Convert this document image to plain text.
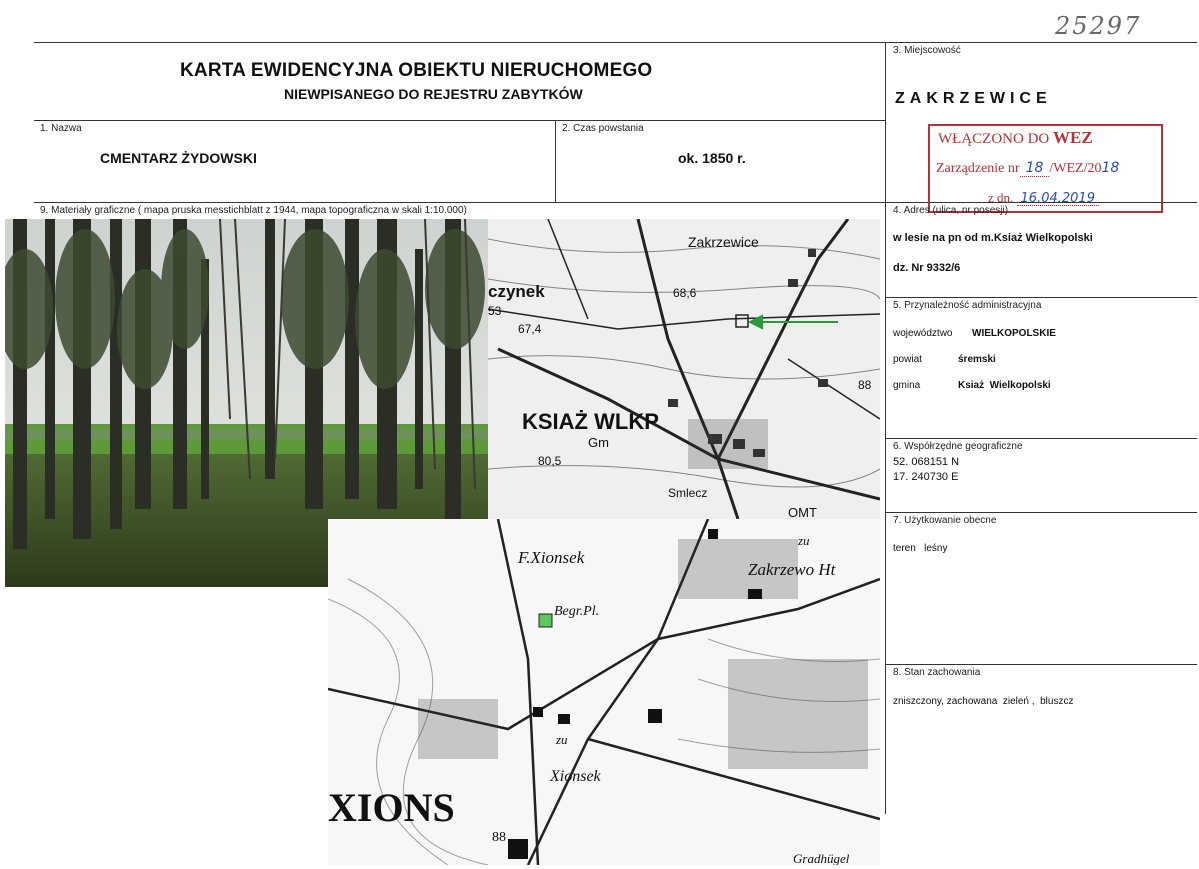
25297
KARTA EWIDENCYJNA OBIEKTU NIERUCHOMEGO
NIEWPISANEGO DO REJESTRU ZABYTKÓW
1. Nazwa
CMENTARZ ŻYDOWSKI
2. Czas powstania
ok. 1850 r.
3. Miejscowość
ZAKRZEWICE
WŁĄCZONO DO WEZ
Zarządzenie nr 18 /WEZ/2018
z dn. 16.04.2019
4. Adres (ulica, nr posesji)
w lesie na pn od m.Ksiaż Wielkopolski
dz. Nr 9332/6
5. Przynależność administracyjna
województwo WIELKOPOLSKIE
powiat	śremski
gmina	Ksiaż  Wielkopolski
6. Współrzędne geograficzne
52. 068151 N
17. 240730 E
7. Użytkowanie obecne
teren   leśny
8. Stan zachowania
zniszczony, zachowana  zieleń ,  bluszcz
9. Materiały graficzne ( mapa pruska messtichblatt z 1944, mapa topograficzna w skali 1:10.000)
Zakrzewice
czynek
53
67,4
68,6
88
80,5
KSIAŻ WLKP
Gm
OMT
Smlecz
F.Xionsek
Zakrzewo Ht
Begr.Pl.
zu
zu
Xionsek
Gradhügel
XIONS
88
